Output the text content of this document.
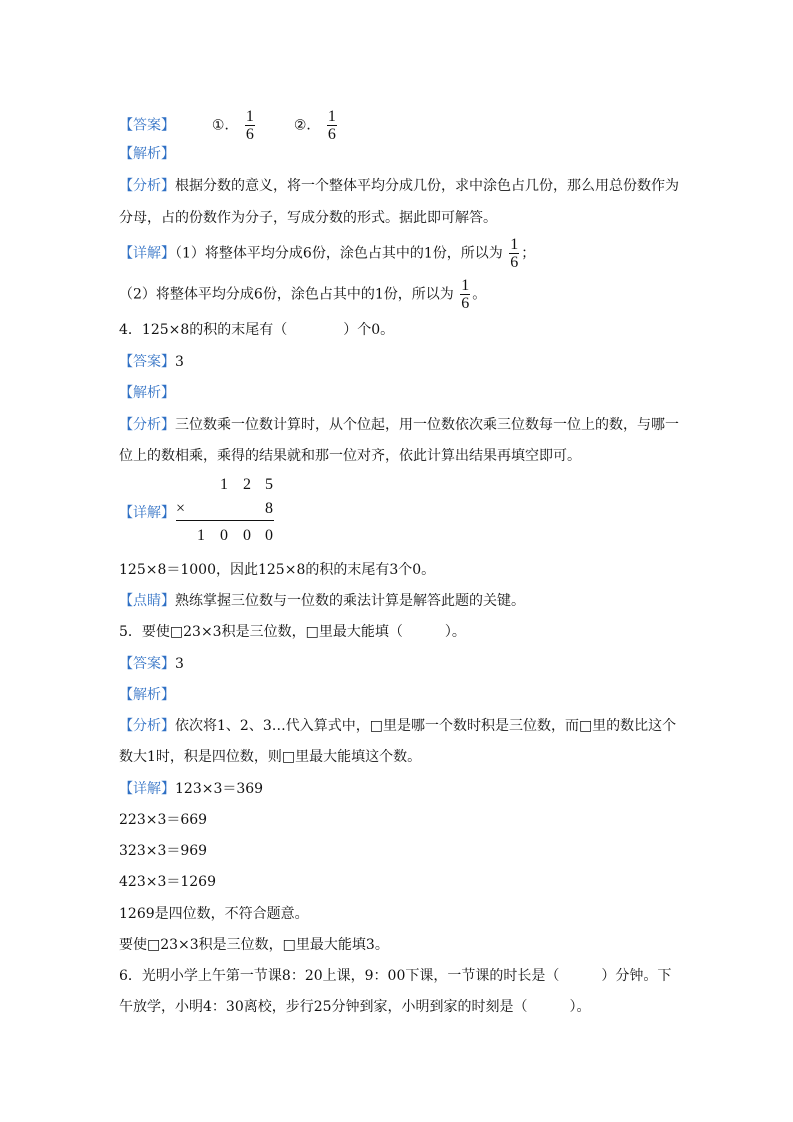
【答案】	①． $\frac{1}{6}$	②． $\frac{1}{6}$
【解析】
【分析】根据分数的意义，将一个整体平均分成几份，求中涂色占几份，那么用总份数作为
分母，占的份数作为分子，写成分数的形式。据此即可解答。
【详解】（1）将整体平均分成6份，涂色占其中的1份，所以为 $\frac{1}{6}$ ；
（2）将整体平均分成6份，涂色占其中的1份，所以为 $\frac{1}{6}$ 。
4．125×8的积的末尾有（　　　　）个0。
【答案】3
【解析】
【分析】三位数乘一位数计算时，从个位起，用一位数依次乘三位数每一位上的数，与哪一
位上的数相乘，乘得的结果就和那一位对齐，依此计算出结果再填空即可。
【详解】
1 2 5
×	8
1 0 0 0
125×8＝1000，因此125×8的积的末尾有3个0。
【点睛】熟练掌握三位数与一位数的乘法计算是解答此题的关键。
5．要使□23×3积是三位数，□里最大能填（　　　）。
【答案】3
【解析】
【分析】依次将1、2、3…代入算式中，□里是哪一个数时积是三位数，而□里的数比这个
数大1时，积是四位数，则□里最大能填这个数。
【详解】123×3＝369
223×3＝669
323×3＝969
423×3＝1269
1269是四位数，不符合题意。
要使□23×3积是三位数，□里最大能填3。
6．光明小学上午第一节课8：20上课，9：00下课，一节课的时长是（　　　）分钟。下
午放学，小明4：30离校，步行25分钟到家，小明到家的时刻是（　　　）。
